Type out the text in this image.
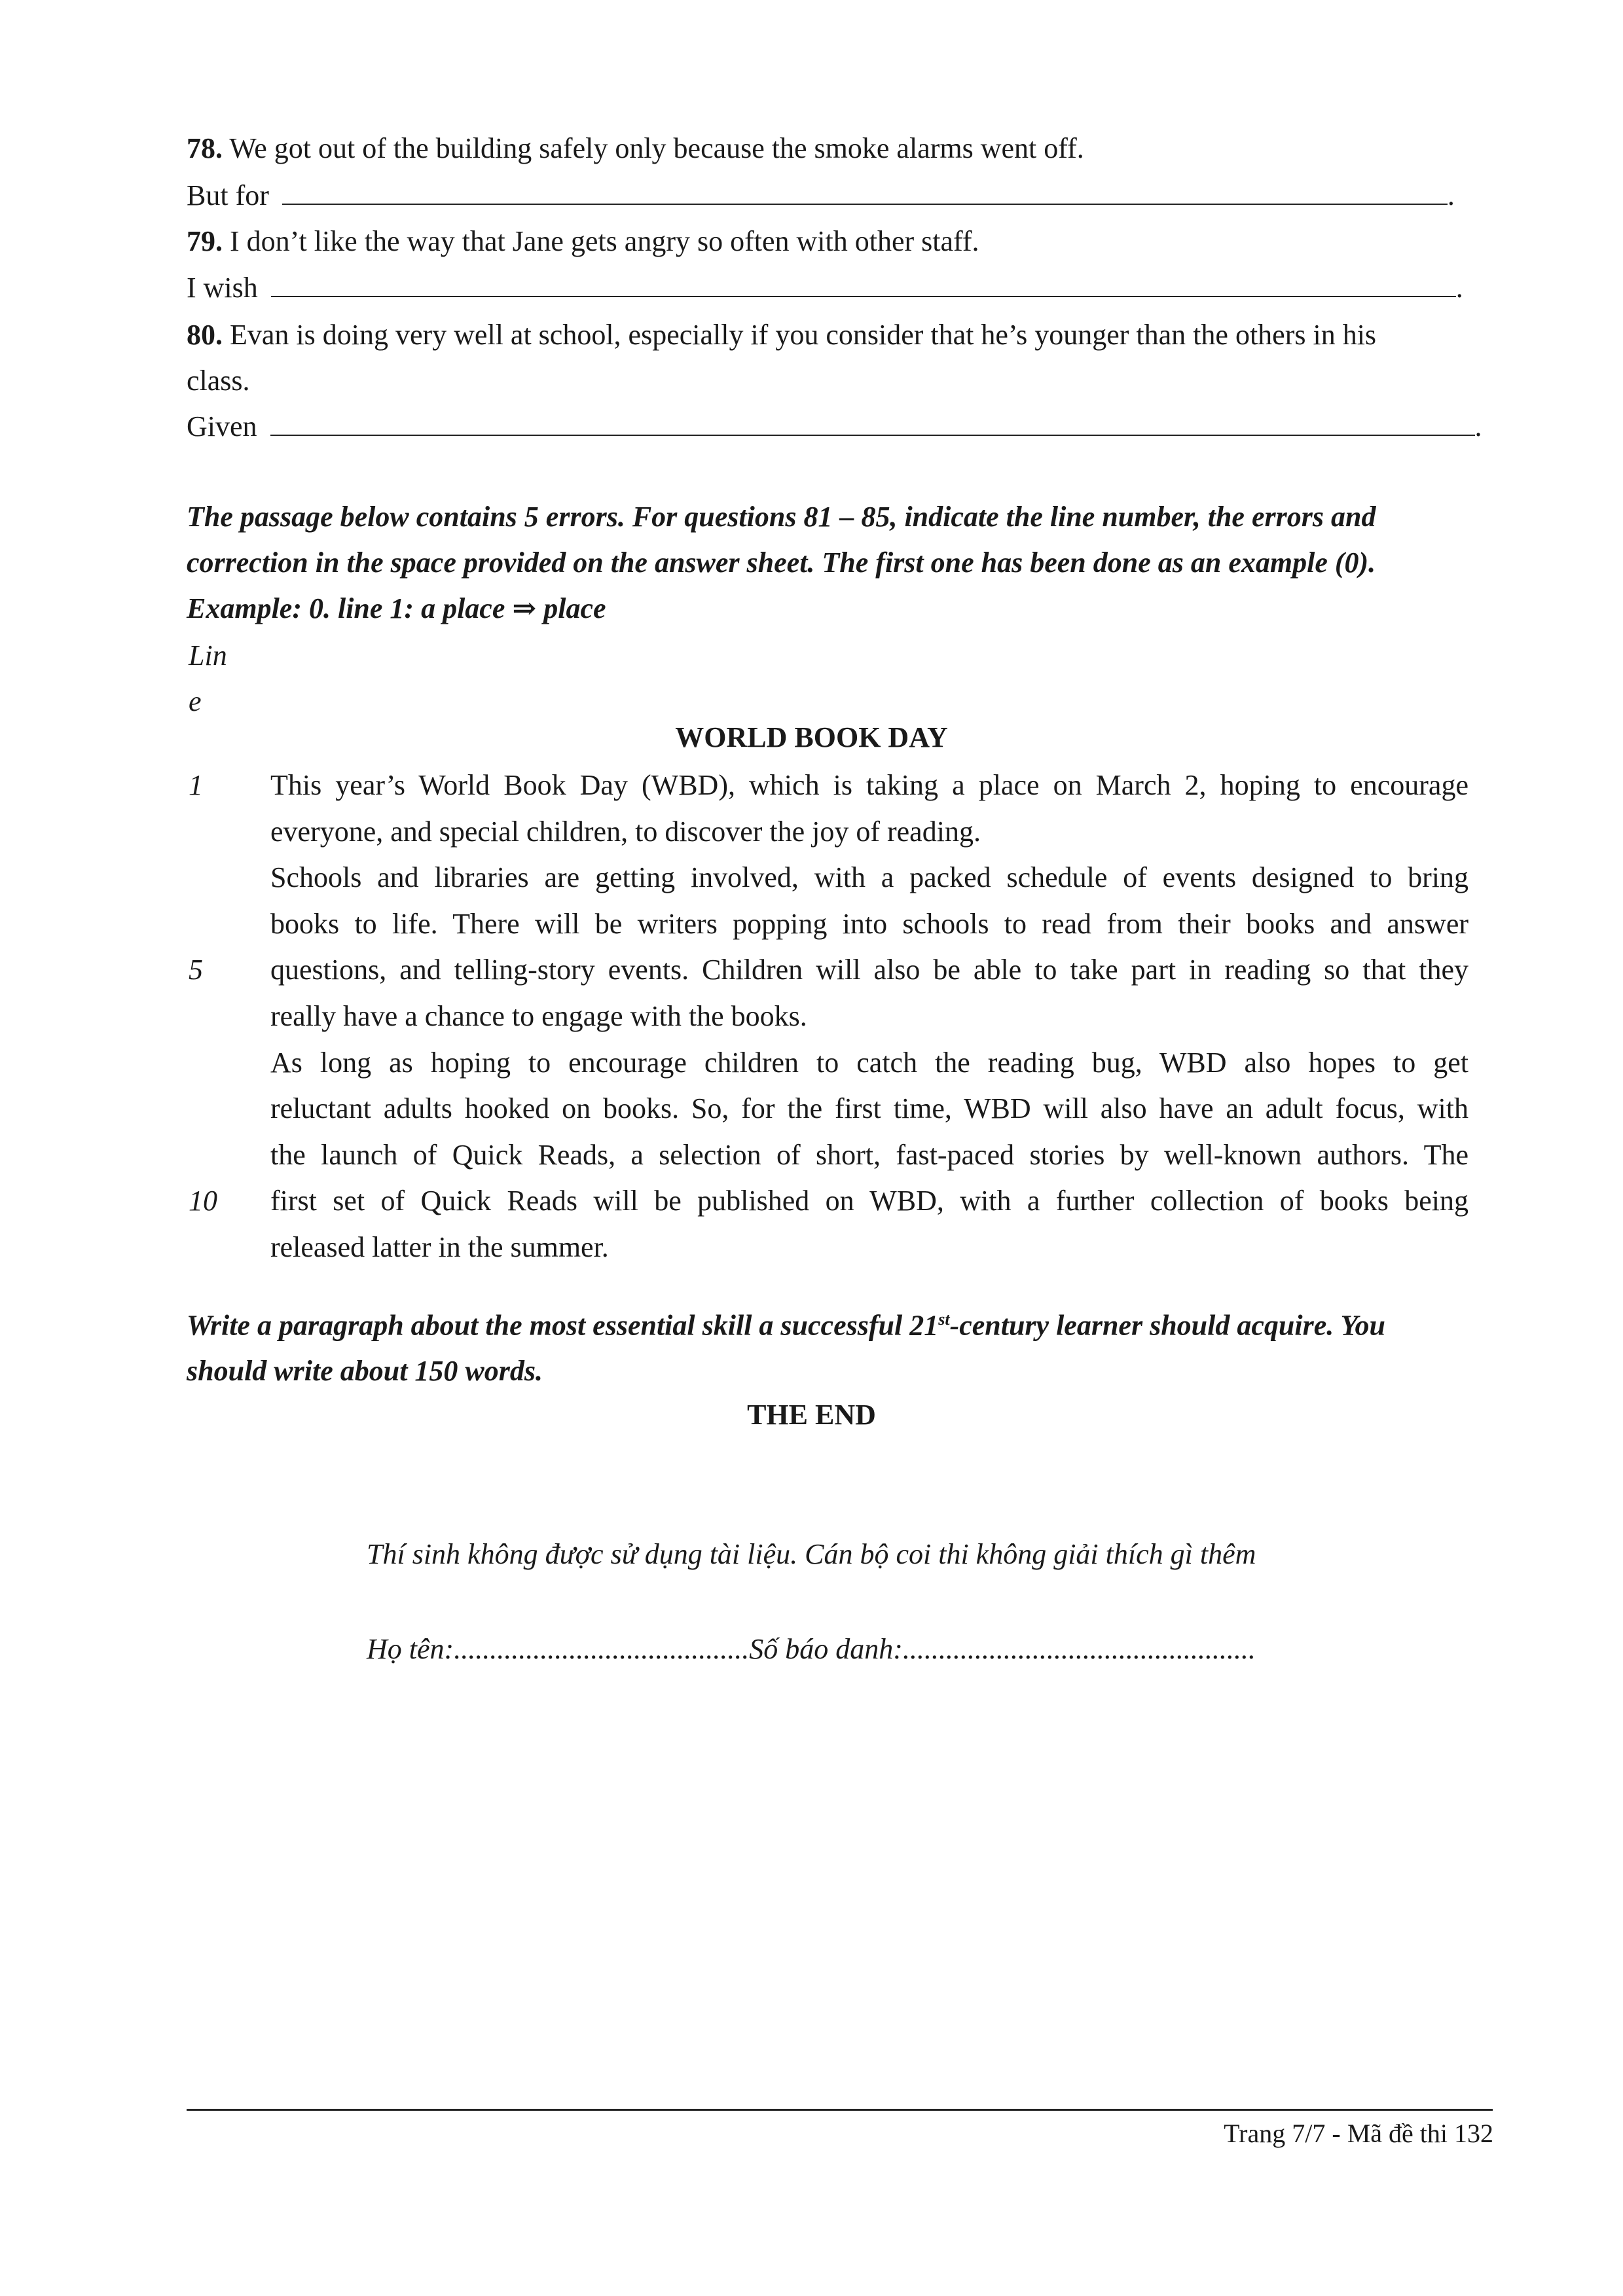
78. We got out of the building safely only because the smoke alarms went off.
But for	.
79. I don’t like the way that Jane gets angry so often with other staff.
I wish	.
80. Evan is doing very well at school, especially if you consider that he’s younger than the others in his
class.
Given	.
The passage below contains 5 errors. For questions 81 – 85, indicate the line number, the errors and
correction in the space provided on the answer sheet. The first one has been done as an example (0).
Example: 0. line 1: a place ⇒ place
Lin
e
WORLD BOOK DAY
1 This year’s World Book Day (WBD), which is taking a place on March 2, hoping to encourage
everyone, and special children, to discover the joy of reading.
Schools and libraries are getting involved, with a packed schedule of events designed to bring
books to life. There will be writers popping into schools to read from their books and answer
5 questions, and telling-story events. Children will also be able to take part in reading so that they
really have a chance to engage with the books.
As long as hoping to encourage children to catch the reading bug, WBD also hopes to get
reluctant adults hooked on books. So, for the first time, WBD will also have an adult focus, with
the launch of Quick Reads, a selection of short, fast-paced stories by well-known authors. The
10 first set of Quick Reads will be published on WBD, with a further collection of books being
released latter in the summer.
Write a paragraph about the most essential skill a successful 21st-century learner should acquire. You
should write about 150 words.
THE END
Thí sinh không được sử dụng tài liệu. Cán bộ coi thi không giải thích gì thêm
Họ tên:.........................................Số báo danh:.................................................
Trang 7/7 - Mã đề thi 132
